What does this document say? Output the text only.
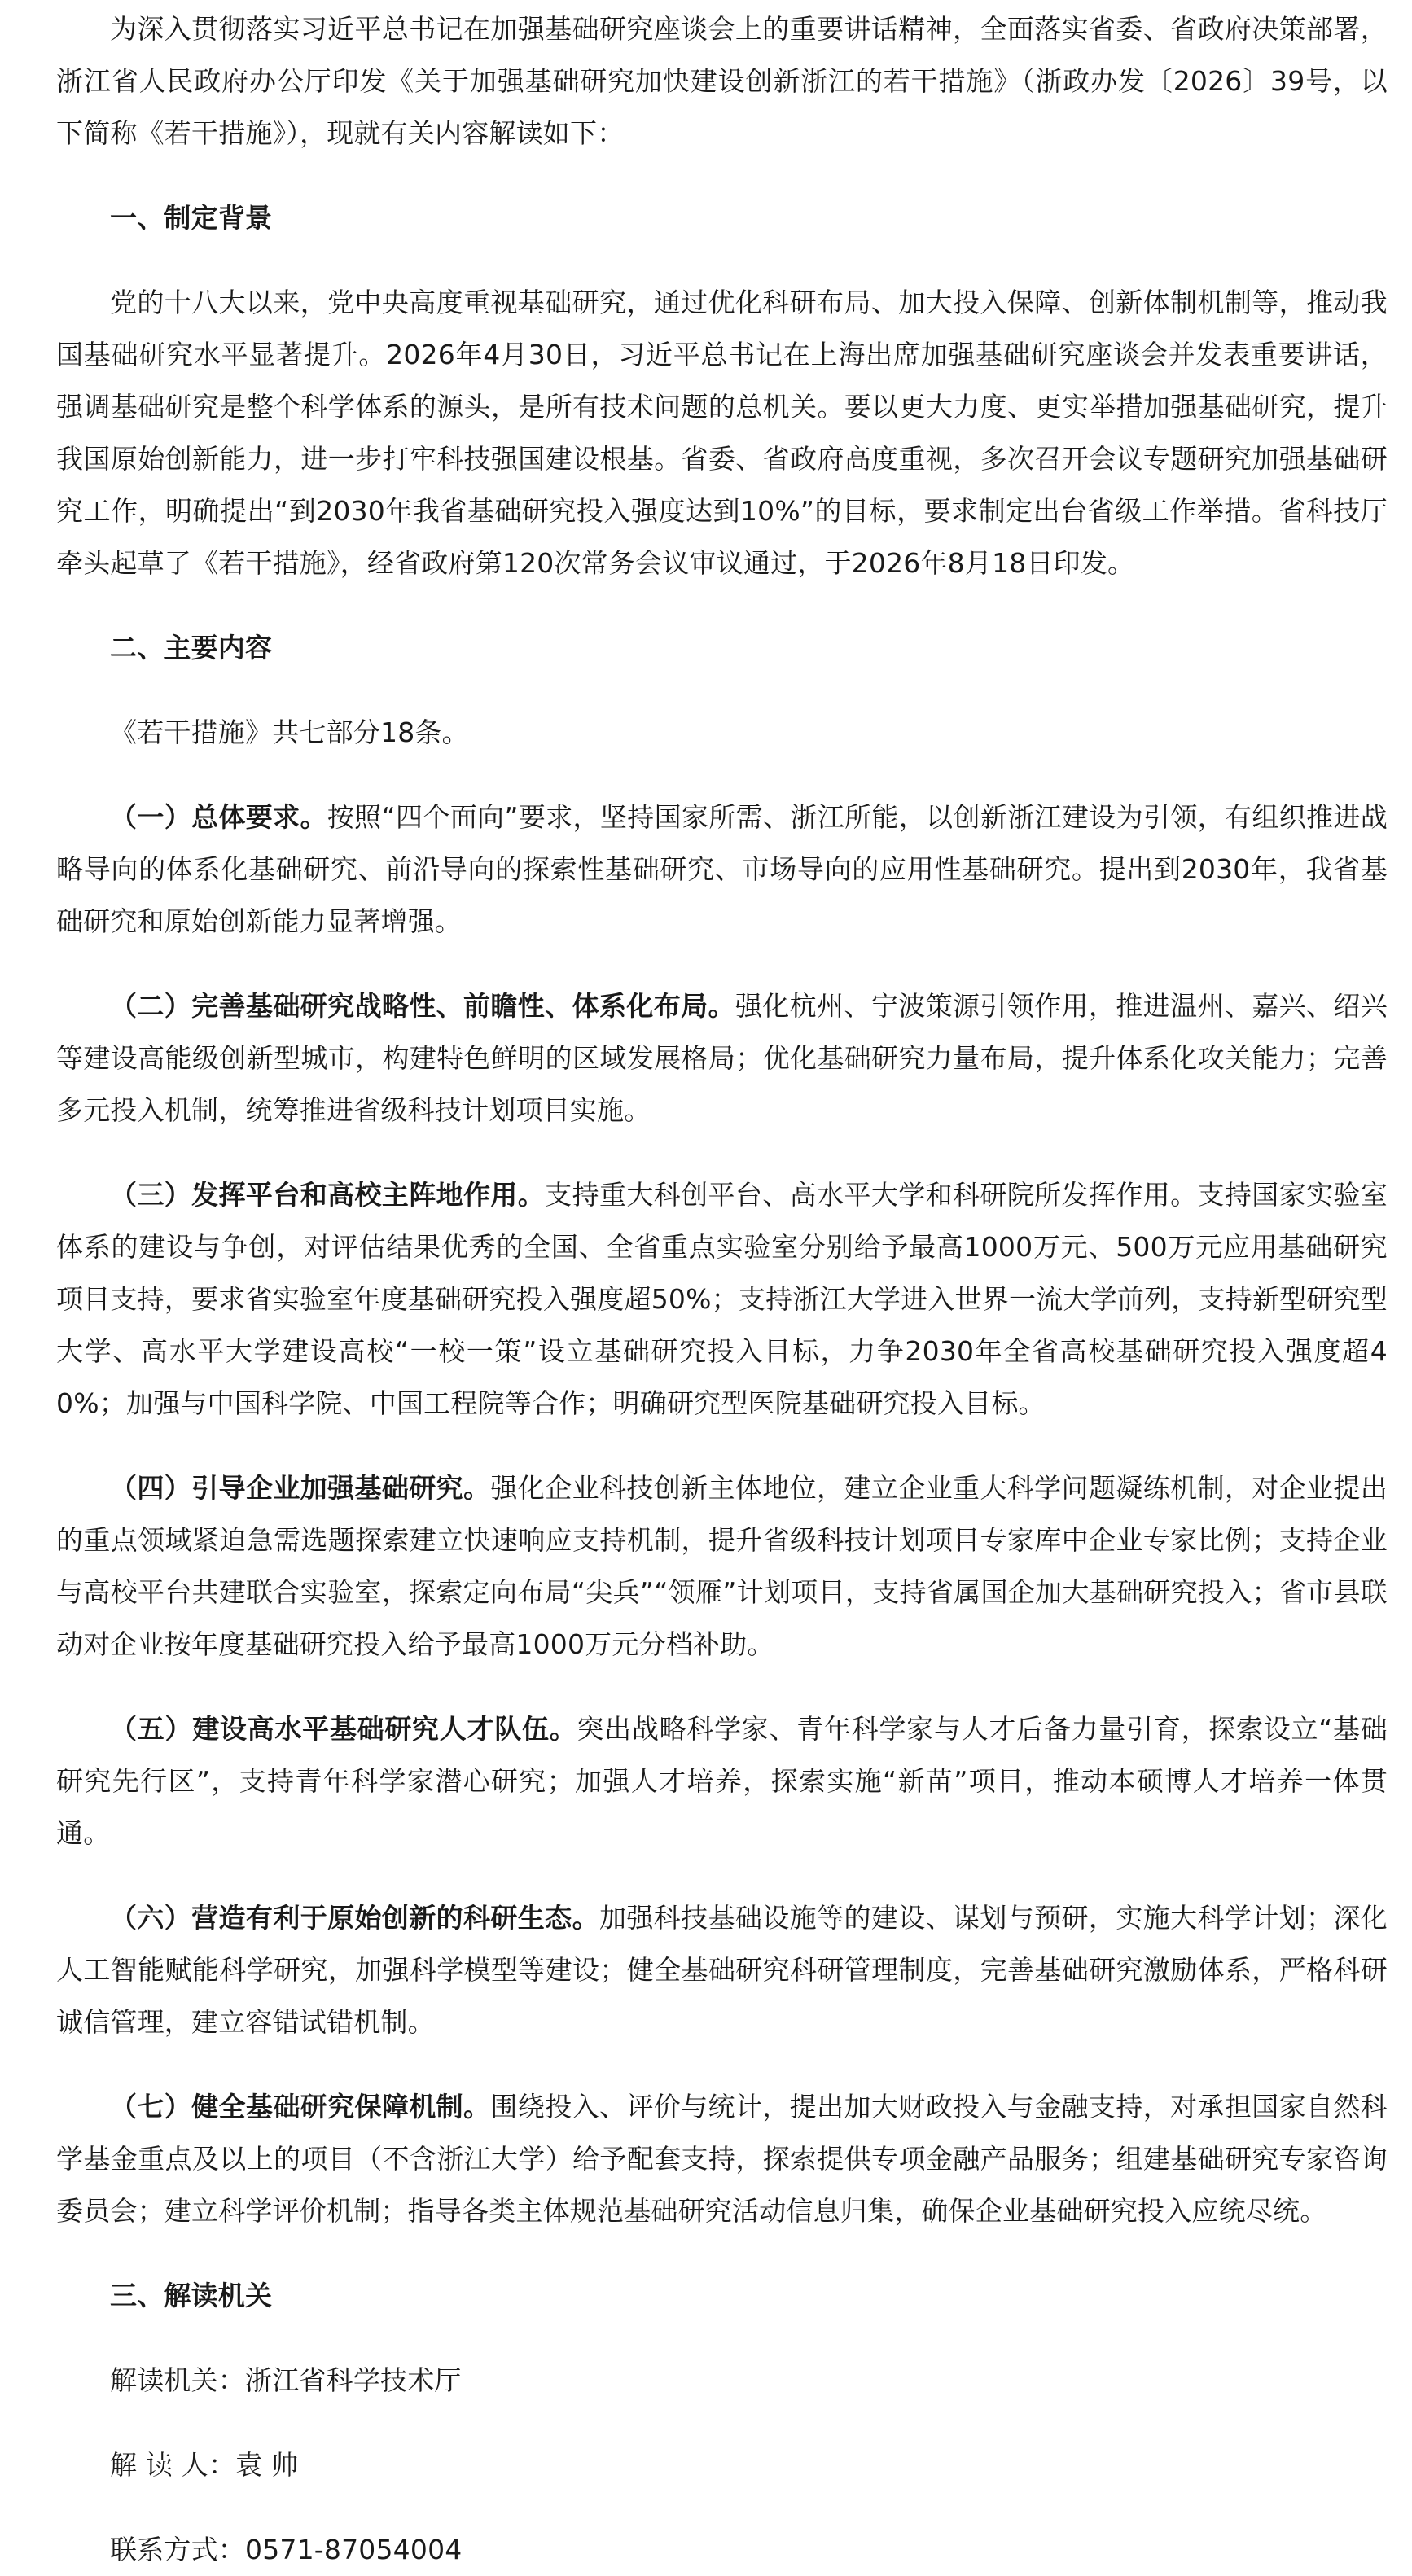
为深入贯彻落实习近平总书记在加强基础研究座谈会上的重要讲话精神，全面落实省委、省政府决策部署，浙江省人民政府办公厅印发《关于加强基础研究加快建设创新浙江的若干措施》（浙政办发〔2026〕39号，以下简称《若干措施》），现就有关内容解读如下：

一、制定背景

党的十八大以来，党中央高度重视基础研究，通过优化科研布局、加大投入保障、创新体制机制等，推动我国基础研究水平显著提升。2026年4月30日，习近平总书记在上海出席加强基础研究座谈会并发表重要讲话，强调基础研究是整个科学体系的源头，是所有技术问题的总机关。要以更大力度、更实举措加强基础研究，提升我国原始创新能力，进一步打牢科技强国建设根基。省委、省政府高度重视，多次召开会议专题研究加强基础研究工作，明确提出“到2030年我省基础研究投入强度达到10%”的目标，要求制定出台省级工作举措。省科技厅牵头起草了《若干措施》，经省政府第120次常务会议审议通过，于2026年8月18日印发。

二、主要内容

《若干措施》共七部分18条。

（一）总体要求。按照“四个面向”要求，坚持国家所需、浙江所能，以创新浙江建设为引领，有组织推进战略导向的体系化基础研究、前沿导向的探索性基础研究、市场导向的应用性基础研究。提出到2030年，我省基础研究和原始创新能力显著增强。

（二）完善基础研究战略性、前瞻性、体系化布局。强化杭州、宁波策源引领作用，推进温州、嘉兴、绍兴等建设高能级创新型城市，构建特色鲜明的区域发展格局；优化基础研究力量布局，提升体系化攻关能力；完善多元投入机制，统筹推进省级科技计划项目实施。

（三）发挥平台和高校主阵地作用。支持重大科创平台、高水平大学和科研院所发挥作用。支持国家实验室体系的建设与争创，对评估结果优秀的全国、全省重点实验室分别给予最高1000万元、500万元应用基础研究项目支持，要求省实验室年度基础研究投入强度超50%；支持浙江大学进入世界一流大学前列，支持新型研究型大学、高水平大学建设高校“一校一策”设立基础研究投入目标，力争2030年全省高校基础研究投入强度超40%；加强与中国科学院、中国工程院等合作；明确研究型医院基础研究投入目标。

（四）引导企业加强基础研究。强化企业科技创新主体地位，建立企业重大科学问题凝练机制，对企业提出的重点领域紧迫急需选题探索建立快速响应支持机制，提升省级科技计划项目专家库中企业专家比例；支持企业与高校平台共建联合实验室，探索定向布局“尖兵”“领雁”计划项目，支持省属国企加大基础研究投入；省市县联动对企业按年度基础研究投入给予最高1000万元分档补助。

（五）建设高水平基础研究人才队伍。突出战略科学家、青年科学家与人才后备力量引育，探索设立“基础研究先行区”，支持青年科学家潜心研究；加强人才培养，探索实施“新苗”项目，推动本硕博人才培养一体贯通。

（六）营造有利于原始创新的科研生态。加强科技基础设施等的建设、谋划与预研，实施大科学计划；深化人工智能赋能科学研究，加强科学模型等建设；健全基础研究科研管理制度，完善基础研究激励体系，严格科研诚信管理，建立容错试错机制。

（七）健全基础研究保障机制。围绕投入、评价与统计，提出加大财政投入与金融支持，对承担国家自然科学基金重点及以上的项目（不含浙江大学）给予配套支持，探索提供专项金融产品服务；组建基础研究专家咨询委员会；建立科学评价机制；指导各类主体规范基础研究活动信息归集，确保企业基础研究投入应统尽统。

三、解读机关

解读机关：浙江省科学技术厅

解 读 人：袁 帅

联系方式：0571-87054004
